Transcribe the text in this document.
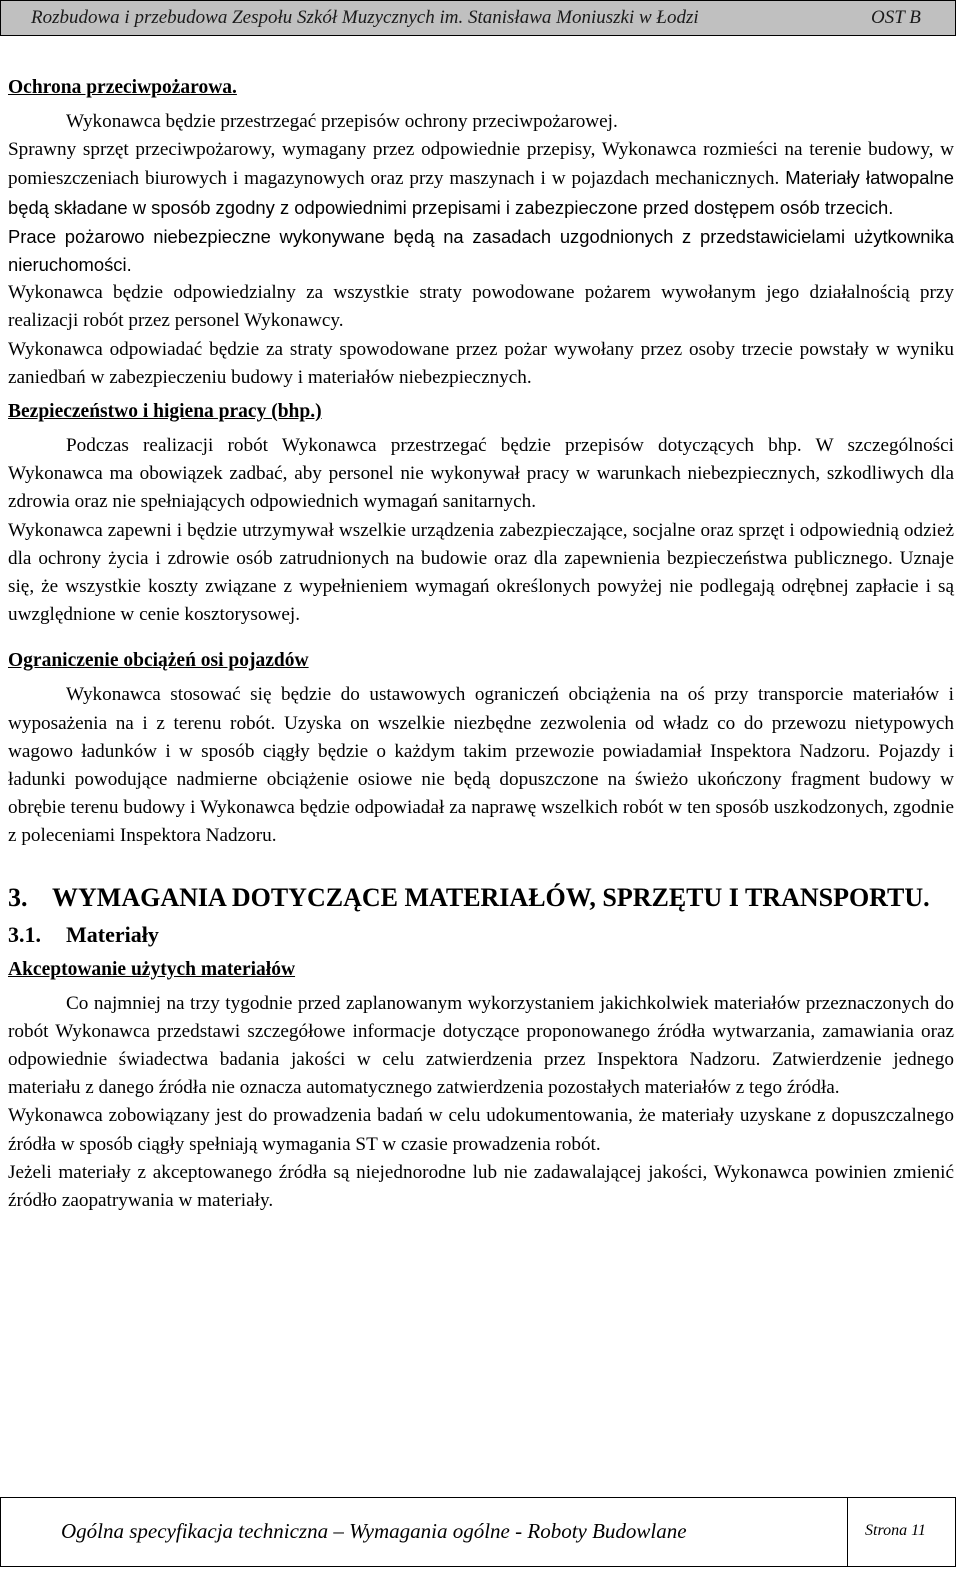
Rozbudowa i przebudowa Zespołu Szkół Muzycznych im. Stanisława Moniuszki w Łodzi	OST B

Ochrona przeciwpożarowa.

Wykonawca będzie przestrzegać przepisów ochrony przeciwpożarowej.

Sprawny sprzęt przeciwpożarowy, wymagany przez odpowiednie przepisy, Wykonawca rozmieści na terenie budowy, w pomieszczeniach biurowych i magazynowych oraz przy maszynach i w pojazdach mechanicznych. Materiały łatwopalne będą składane w sposób zgodny z odpowiednimi przepisami i zabezpieczone przed dostępem osób trzecich.

Prace pożarowo niebezpieczne wykonywane będą na zasadach uzgodnionych z przedstawicielami użytkownika nieruchomości.

Wykonawca będzie odpowiedzialny za wszystkie straty powodowane pożarem wywołanym jego działalnością przy realizacji robót przez personel Wykonawcy.

Wykonawca odpowiadać będzie za straty spowodowane przez pożar wywołany przez osoby trzecie powstały w wyniku zaniedbań w zabezpieczeniu budowy i materiałów niebezpiecznych.

Bezpieczeństwo i higiena pracy (bhp.)

Podczas realizacji robót Wykonawca przestrzegać będzie przepisów dotyczących bhp. W szczególności Wykonawca ma obowiązek zadbać, aby personel nie wykonywał pracy w warunkach niebezpiecznych, szkodliwych dla zdrowia oraz nie spełniających odpowiednich wymagań sanitarnych.

Wykonawca zapewni i będzie utrzymywał wszelkie urządzenia zabezpieczające, socjalne oraz sprzęt i odpowiednią odzież dla ochrony życia i zdrowie osób zatrudnionych na budowie oraz dla zapewnienia bezpieczeństwa publicznego. Uznaje się, że wszystkie koszty związane z wypełnieniem wymagań określonych powyżej nie podlegają odrębnej zapłacie i są uwzględnione w cenie kosztorysowej.

Ograniczenie obciążeń osi pojazdów

Wykonawca stosować się będzie do ustawowych ograniczeń obciążenia na oś przy transporcie materiałów i wyposażenia na i z terenu robót. Uzyska on wszelkie niezbędne zezwolenia od władz co do przewozu nietypowych wagowo ładunków i w sposób ciągły będzie o każdym takim przewozie powiadamiał Inspektora Nadzoru. Pojazdy i ładunki powodujące nadmierne obciążenie osiowe nie będą dopuszczone na świeżo ukończony fragment budowy w obrębie terenu budowy i Wykonawca będzie odpowiadał za naprawę wszelkich robót w ten sposób uszkodzonych, zgodnie z poleceniami Inspektora Nadzoru.

3. WYMAGANIA DOTYCZĄCE MATERIAŁÓW, SPRZĘTU I TRANSPORTU.
3.1.	Materiały

Akceptowanie użytych materiałów

Co najmniej na trzy tygodnie przed zaplanowanym wykorzystaniem jakichkolwiek materiałów przeznaczonych do robót Wykonawca przedstawi szczegółowe informacje dotyczące proponowanego źródła wytwarzania, zamawiania oraz odpowiednie świadectwa badania jakości w celu zatwierdzenia przez Inspektora Nadzoru. Zatwierdzenie jednego materiału z danego źródła nie oznacza automatycznego zatwierdzenia pozostałych materiałów z tego źródła.

Wykonawca zobowiązany jest do prowadzenia badań w celu udokumentowania, że materiały uzyskane z dopuszczalnego źródła w sposób ciągły spełniają wymagania ST w czasie prowadzenia robót.

Jeżeli materiały z akceptowanego źródła są niejednorodne lub nie zadawalającej jakości, Wykonawca powinien zmienić źródło zaopatrywania w materiały.

Ogólna specyfikacja techniczna – Wymagania ogólne - Roboty Budowlane	Strona 11
